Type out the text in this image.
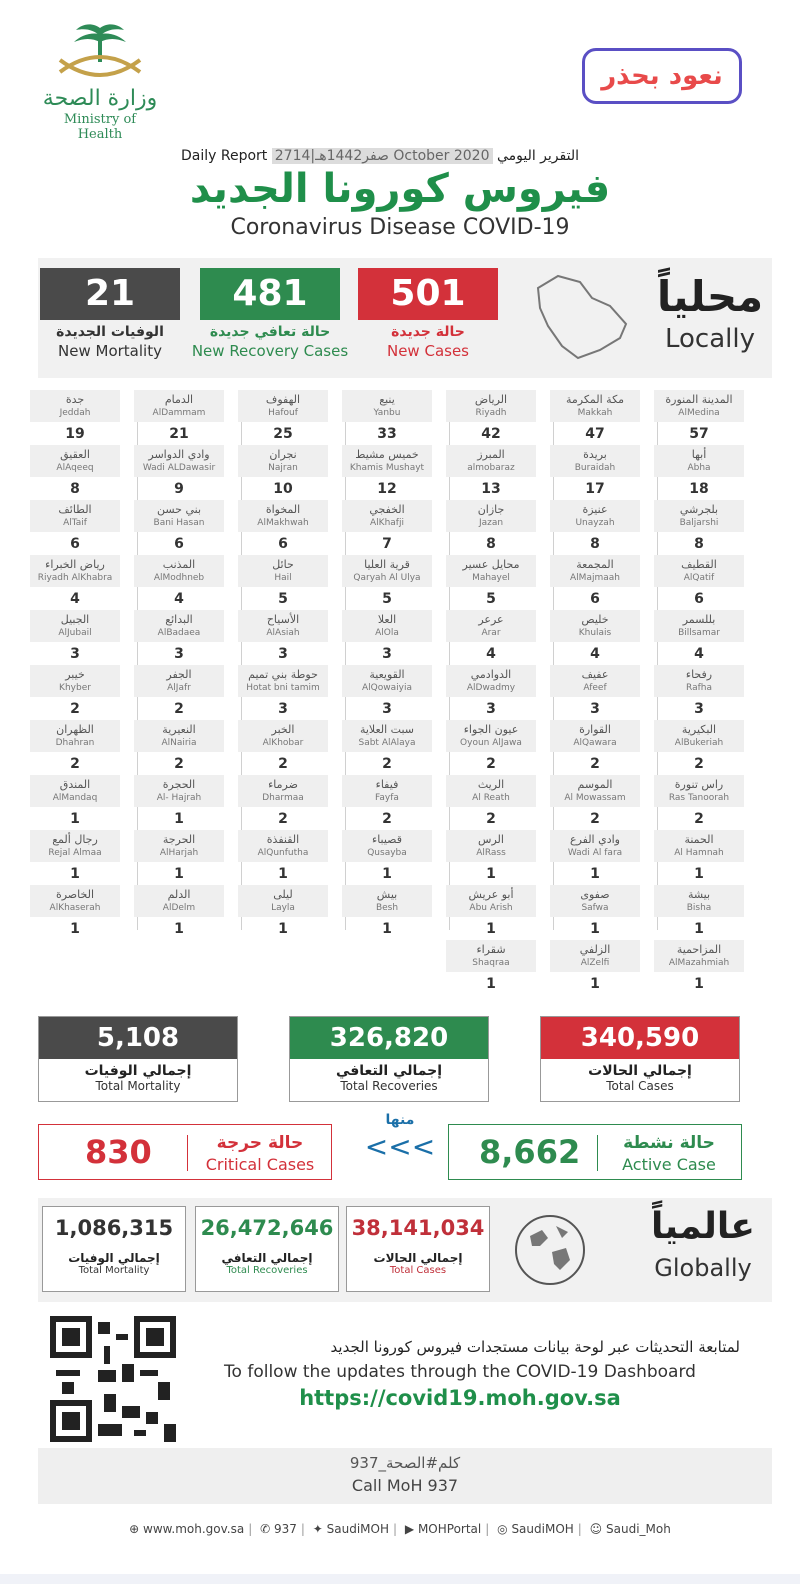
وزارة الصحة
Ministry of Health
نعود بحذر
Daily Report 27صفر1442هـ|14 October 2020 التقرير اليومي
فيروس كورونا الجديد
Coronavirus Disease COVID-19
501
حالة جديدة
New Cases
481
حالة تعافي جديدة
New Recovery Cases
21
الوفيات الجديدة
New Mortality
محلياً
Locally
المدينة المنورة
AlMedina
57
مكة المكرمة
Makkah
47
الرياض
Riyadh
42
ينبع
Yanbu
33
الهفوف
Hafouf
25
الدمام
AlDammam
21
جدة
Jeddah
19
أبها
Abha
18
بريدة
Buraidah
17
المبرز
almobaraz
13
خميس مشيط
Khamis Mushayt
12
نجران
Najran
10
وادي الدواسر
Wadi ALDawasir
9
العقيق
AlAqeeq
8
بلجرشي
Baljarshi
8
عنيزة
Unayzah
8
جازان
Jazan
8
الخفجي
AlKhafji
7
المخواة
AlMakhwah
6
بني حسن
Bani Hasan
6
الطائف
AlTaif
6
القطيف
AlQatif
6
المجمعة
AlMajmaah
6
محايل عسير
Mahayel
5
قرية العليا
Qaryah Al Ulya
5
حائل
Hail
5
المذنب
AlModhneb
4
رياض الخبراء
Riyadh AlKhabra
4
بللسمر
Billsamar
4
خليص
Khulais
4
عرعر
Arar
4
العلا
AlOla
3
الأسياح
AlAsiah
3
البدائع
AlBadaea
3
الجبيل
AlJubail
3
رفحاء
Rafha
3
عفيف
Afeef
3
الدوادمي
AlDwadmy
3
القويعية
AlQowaiyia
3
حوطة بني تميم
Hotat bni tamim
3
الجفر
AlJafr
2
خيبر
Khyber
2
البكيرية
AlBukeriah
2
القوارة
AlQawara
2
عيون الجواء
Oyoun AlJawa
2
سبت العلاية
Sabt AlAlaya
2
الخبر
AlKhobar
2
النعيرية
AlNairia
2
الظهران
Dhahran
2
راس تنورة
Ras Tanoorah
2
الموسم
Al Mowassam
2
الريث
Al Reath
2
فيفاء
Fayfa
2
ضرماء
Dharmaa
2
الحجرة
Al- Hajrah
1
المندق
AlMandaq
1
الحمنة
Al Hamnah
1
وادي الفرع
Wadi Al fara
1
الرس
AlRass
1
قصيباء
Qusayba
1
القنفذة
AlQunfutha
1
الحرجة
AlHarjah
1
رجال ألمع
Rejal Almaa
1
بيشة
Bisha
1
صفوى
Safwa
1
أبو عريش
Abu Arish
1
بيش
Besh
1
ليلى
Layla
1
الدلم
AlDelm
1
الخاصرة
AlKhaserah
1
المزاحمية
AlMazahmiah
1
الزلفي
AlZelfi
1
شقراء
Shaqraa
1
340,590
إجمالي الحالات
Total Cases
326,820
إجمالي التعافي
Total Recoveries
5,108
إجمالي الوفيات
Total Mortality
8,662	حالة نشطة
Active Case
منها
<<<
830	حالة حرجة
Critical Cases
38,141,034
إجمالي الحالات
Total Cases
26,472,646
إجمالي التعافي
Total Recoveries
1,086,315
إجمالي الوفيات
Total Mortality
عالمياً
Globally
لمتابعة التحديثات عبر لوحة بيانات مستجدات فيروس كورونا الجديد
To follow the updates through the COVID-19 Dashboard
https://covid19.moh.gov.sa
كلم#الصحة_937
Call MoH 937
⊕ www.moh.gov.sa | ✆ 937 | ✦ SaudiMOH | ▶ MOHPortal | ◎ SaudiMOH | ☺ Saudi_Moh
